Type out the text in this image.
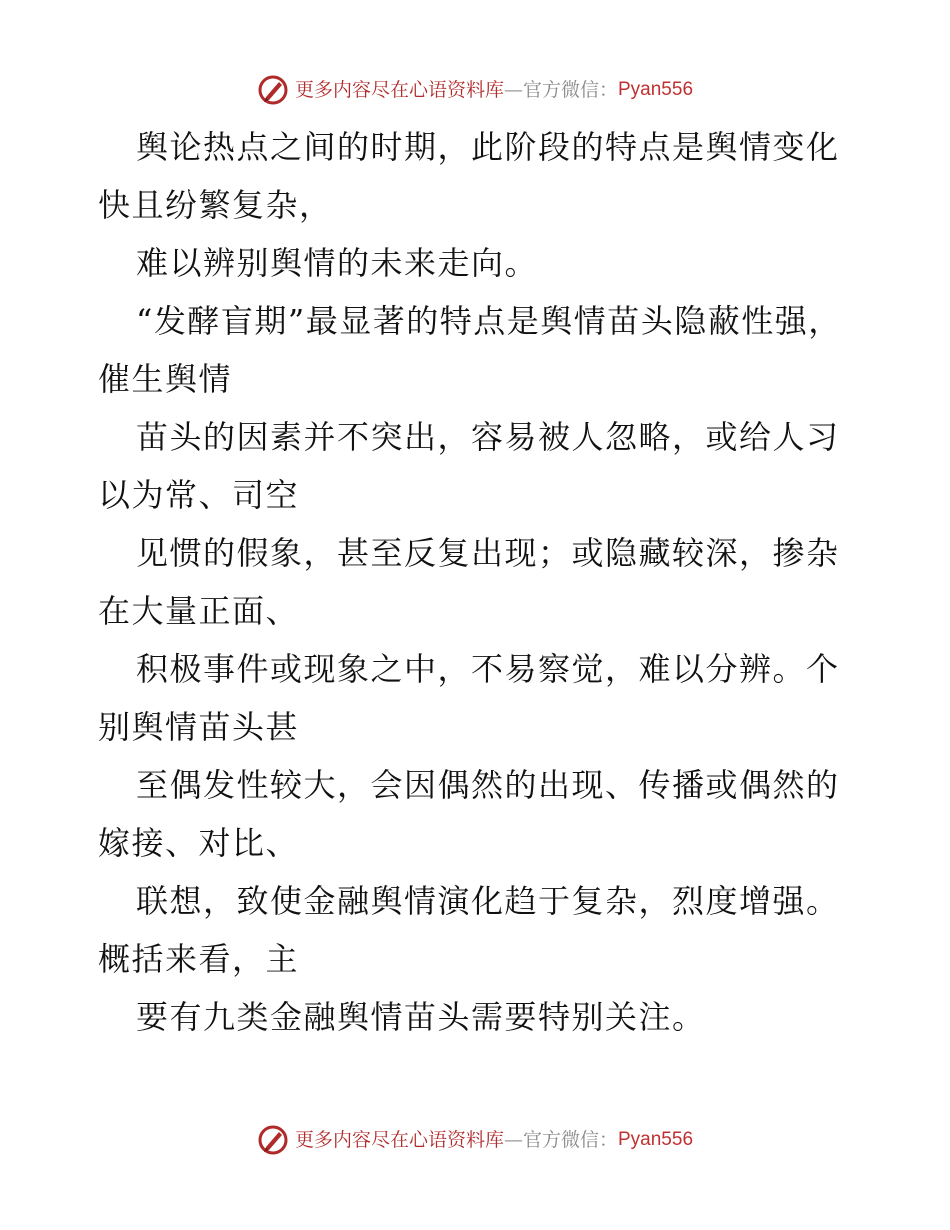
更多内容尽在心语资料库 — 官方微信： Pyan556

舆论热点之间的时期，此阶段的特点是舆情变化快且纷繁复杂，

难以辨别舆情的未来走向。

“发酵盲期”最显著的特点是舆情苗头隐蔽性强，催生舆情

苗头的因素并不突出，容易被人忽略，或给人习以为常、司空

见惯的假象，甚至反复出现；或隐藏较深，掺杂在大量正面、

积极事件或现象之中，不易察觉，难以分辨。个别舆情苗头甚

至偶发性较大，会因偶然的出现、传播或偶然的嫁接、对比、

联想，致使金融舆情演化趋于复杂，烈度增强。概括来看，主

要有九类金融舆情苗头需要特别关注。

更多内容尽在心语资料库 — 官方微信： Pyan556
